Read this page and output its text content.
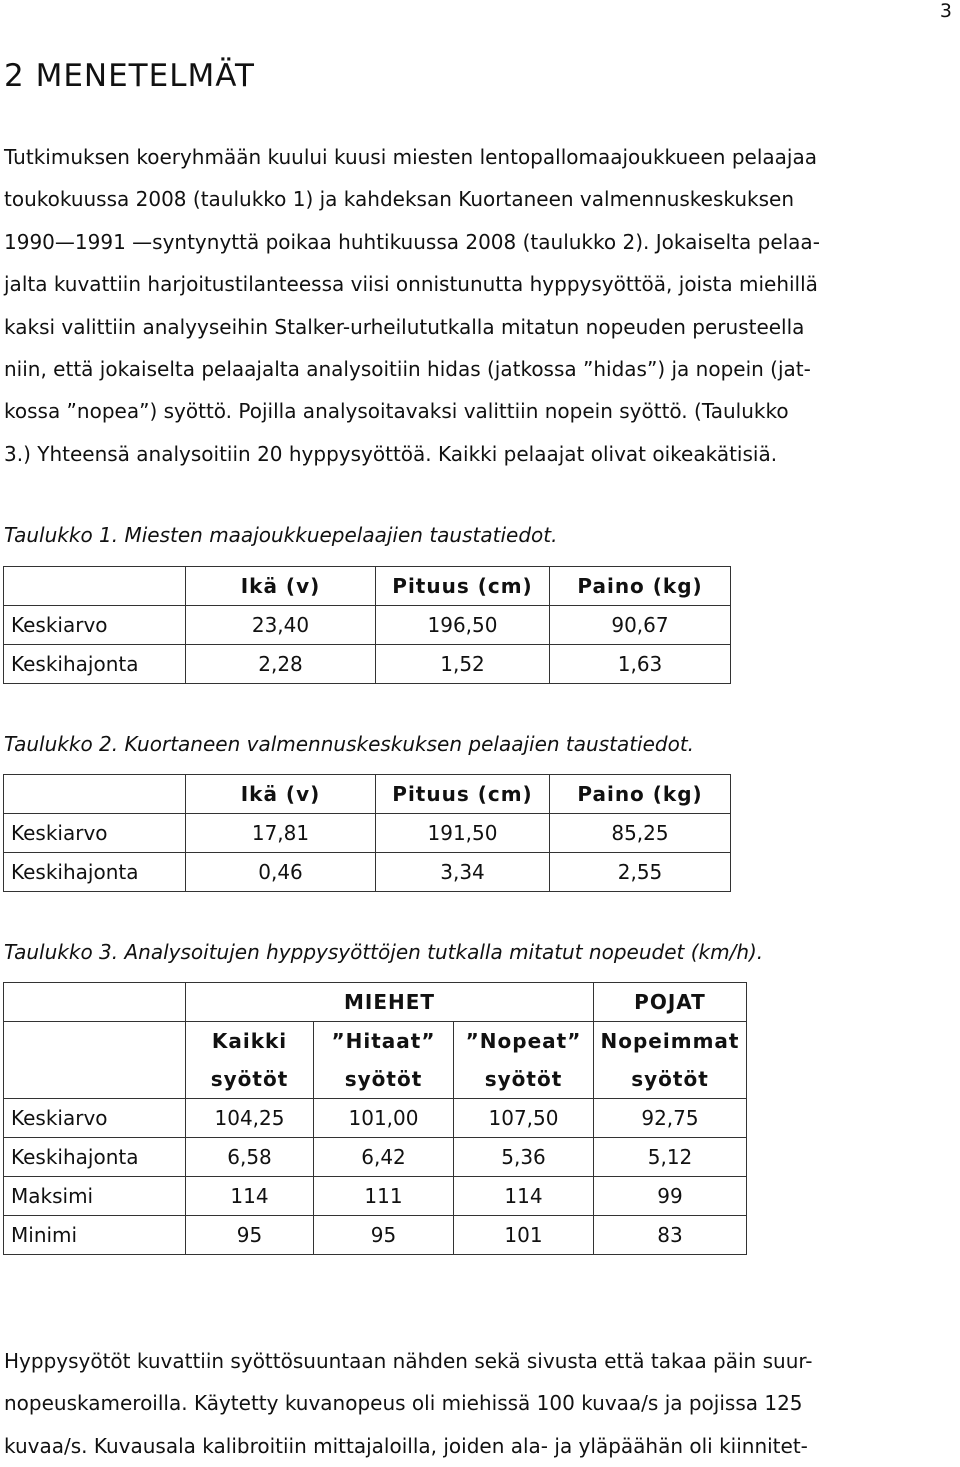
3
2 MENETELMÄT

Tutkimuksen koeryhmään kuului kuusi miesten lentopallomaajoukkueen pelaajaa
toukokuussa 2008 (taulukko 1) ja kahdeksan Kuortaneen valmennuskeskuksen
1990—1991 —syntynyttä poikaa huhtikuussa 2008 (taulukko 2). Jokaiselta pelaa-
jalta kuvattiin harjoitustilanteessa viisi onnistunutta hyppysyöttöä, joista miehillä
kaksi valittiin analyyseihin Stalker-urheilututkalla mitatun nopeuden perusteella
niin, että jokaiselta pelaajalta analysoitiin hidas (jatkossa ”hidas”) ja nopein (jat-
kossa ”nopea”) syöttö. Pojilla analysoitavaksi valittiin nopein syöttö. (Taulukko
3.) Yhteensä analysoitiin 20 hyppysyöttöä. Kaikki pelaajat olivat oikeakätisiä.

Taulukko 1. Miesten maajoukkuepelaajien taustatiedot.

	Ikä (v)	Pituus (cm)	Paino (kg)
Keskiarvo	23,40	196,50	90,67
Keskihajonta	2,28	1,52	1,63

Taulukko 2. Kuortaneen valmennuskeskuksen pelaajien taustatiedot.

	Ikä (v)	Pituus (cm)	Paino (kg)
Keskiarvo	17,81	191,50	85,25
Keskihajonta	0,46	3,34	2,55

Taulukko 3. Analysoitujen hyppysyöttöjen tutkalla mitatut nopeudet (km/h).

	MIEHET			POJAT
	Kaikki	”Hitaat”	”Nopeat”	Nopeimmat
	syötöt	syötöt	syötöt	syötöt
Keskiarvo	104,25	101,00	107,50	92,75
Keskihajonta	6,58	6,42	5,36	5,12
Maksimi	114	111	114	99
Minimi	95	95	101	83

Hyppysyötöt kuvattiin syöttösuuntaan nähden sekä sivusta että takaa päin suur-
nopeuskameroilla. Käytetty kuvanopeus oli miehissä 100 kuvaa/s ja pojissa 125
kuvaa/s. Kuvausala kalibroitiin mittajaloilla, joiden ala- ja yläpäähän oli kiinnitet-
